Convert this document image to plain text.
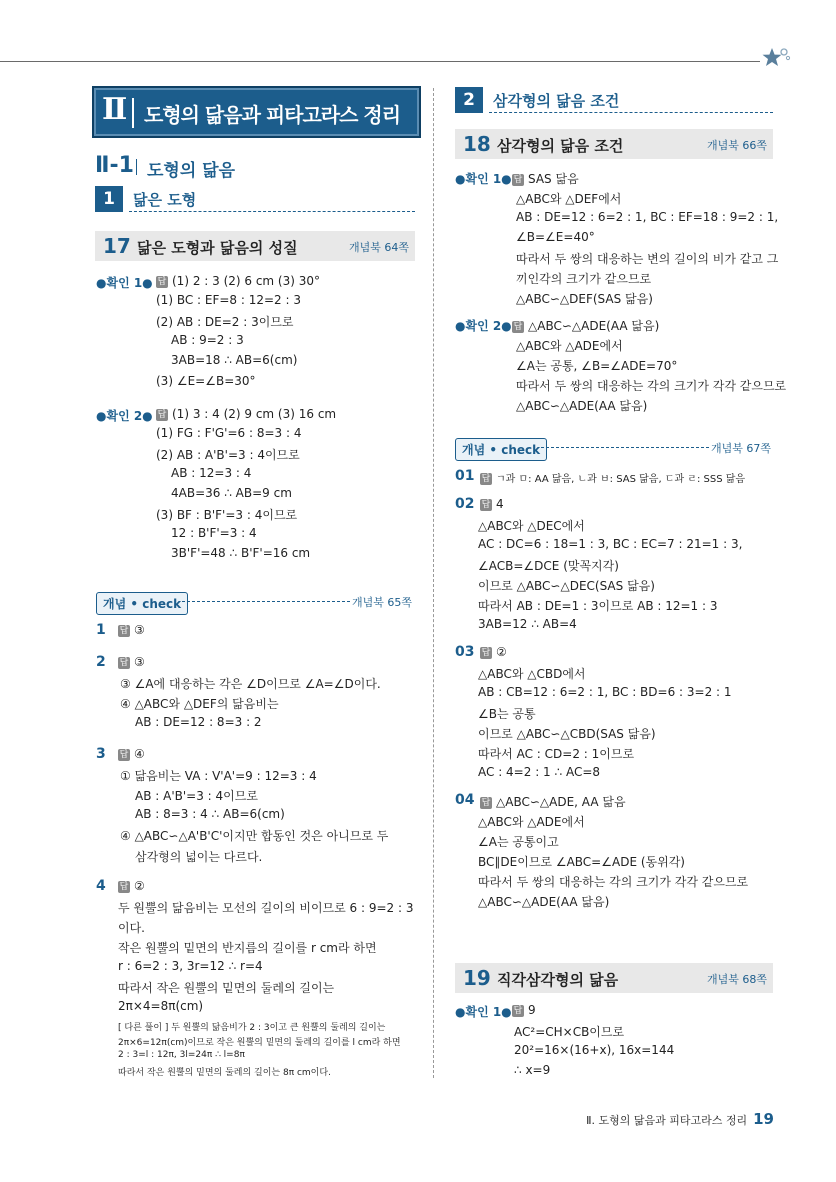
Ⅱ 도형의 닮음과 피타고라스 정리
Ⅱ-1 도형의 닮음
1	닮은 도형
17 닮은 도형과 닮음의 성질	개념북 64쪽
●확인 1● 답 (1) 2 : 3 (2) 6 cm (3) 30°
(1) BC : EF=8 : 12=2 : 3
(2) AB : DE=2 : 3이므로
AB : 9=2 : 3
3AB=18 ∴ AB=6(cm)
(3) ∠E=∠B=30°
●확인 2● 답 (1) 3 : 4 (2) 9 cm (3) 16 cm
(1) FG : F'G'=6 : 8=3 : 4
(2) AB : A'B'=3 : 4이므로
AB : 12=3 : 4
4AB=36 ∴ AB=9 cm
(3) BF : B'F'=3 : 4이므로
12 : B'F'=3 : 4
3B'F'=48 ∴ B'F'=16 cm
개념 • check	개념북 65쪽
1 답 ③
2 답 ③
③ ∠A에 대응하는 각은 ∠D이므로 ∠A=∠D이다.
④ △ABC와 △DEF의 닮음비는
AB : DE=12 : 8=3 : 2
3 답 ④
① 닮음비는 VA : V'A'=9 : 12=3 : 4
AB : A'B'=3 : 4이므로
AB : 8=3 : 4 ∴ AB=6(cm)
④ △ABC∽△A'B'C'이지만 합동인 것은 아니므로 두
삼각형의 넓이는 다르다.
4 답 ②
두 원뿔의 닮음비는 모선의 길이의 비이므로 6 : 9=2 : 3
이다.
작은 원뿔의 밑면의 반지름의 길이를 r cm라 하면
r : 6=2 : 3, 3r=12 ∴ r=4
따라서 작은 원뿔의 밑면의 둘레의 길이는
2π×4=8π(cm)
[ 다른 풀이 ] 두 원뿔의 닮음비가 2 : 3이고 큰 원뿔의 둘레의 길이는
2π×6=12π(cm)이므로 작은 원뿔의 밑면의 둘레의 길이를 l cm라 하면
2 : 3=l : 12π, 3l=24π ∴ l=8π
따라서 작은 원뿔의 밑면의 둘레의 길이는 8π cm이다.
2	삼각형의 닮음 조건
18 삼각형의 닮음 조건	개념북 66쪽
●확인 1● 답 SAS 닮음
△ABC와 △DEF에서
AB : DE=12 : 6=2 : 1, BC : EF=18 : 9=2 : 1,
∠B=∠E=40°
따라서 두 쌍의 대응하는 변의 길이의 비가 같고 그
끼인각의 크기가 같으므로
△ABC∽△DEF(SAS 닮음)
●확인 2● 답 △ABC∽△ADE(AA 닮음)
△ABC와 △ADE에서
∠A는 공통, ∠B=∠ADE=70°
따라서 두 쌍의 대응하는 각의 크기가 각각 같으므로
△ABC∽△ADE(AA 닮음)
개념 • check	개념북 67쪽
01 답 ㄱ과 ㅁ: AA 닮음, ㄴ과 ㅂ: SAS 닮음, ㄷ과 ㄹ: SSS 닮음
02 답 4
△ABC와 △DEC에서
AC : DC=6 : 18=1 : 3, BC : EC=7 : 21=1 : 3,
∠ACB=∠DCE (맞꼭지각)
이므로 △ABC∽△DEC(SAS 닮음)
따라서 AB : DE=1 : 3이므로 AB : 12=1 : 3
3AB=12 ∴ AB=4
03 답 ②
△ABC와 △CBD에서
AB : CB=12 : 6=2 : 1, BC : BD=6 : 3=2 : 1
∠B는 공통
이므로 △ABC∽△CBD(SAS 닮음)
따라서 AC : CD=2 : 1이므로
AC : 4=2 : 1 ∴ AC=8
04 답 △ABC∽△ADE, AA 닮음
△ABC와 △ADE에서
∠A는 공통이고
BC∥DE이므로 ∠ABC=∠ADE (동위각)
따라서 두 쌍의 대응하는 각의 크기가 각각 같으므로
△ABC∽△ADE(AA 닮음)
19 직각삼각형의 닮음	개념북 68쪽
●확인 1● 답 9
AC²=CH×CB이므로
20²=16×(16+x), 16x=144
∴ x=9
Ⅱ. 도형의 닮음과 피타고라스 정리 19
